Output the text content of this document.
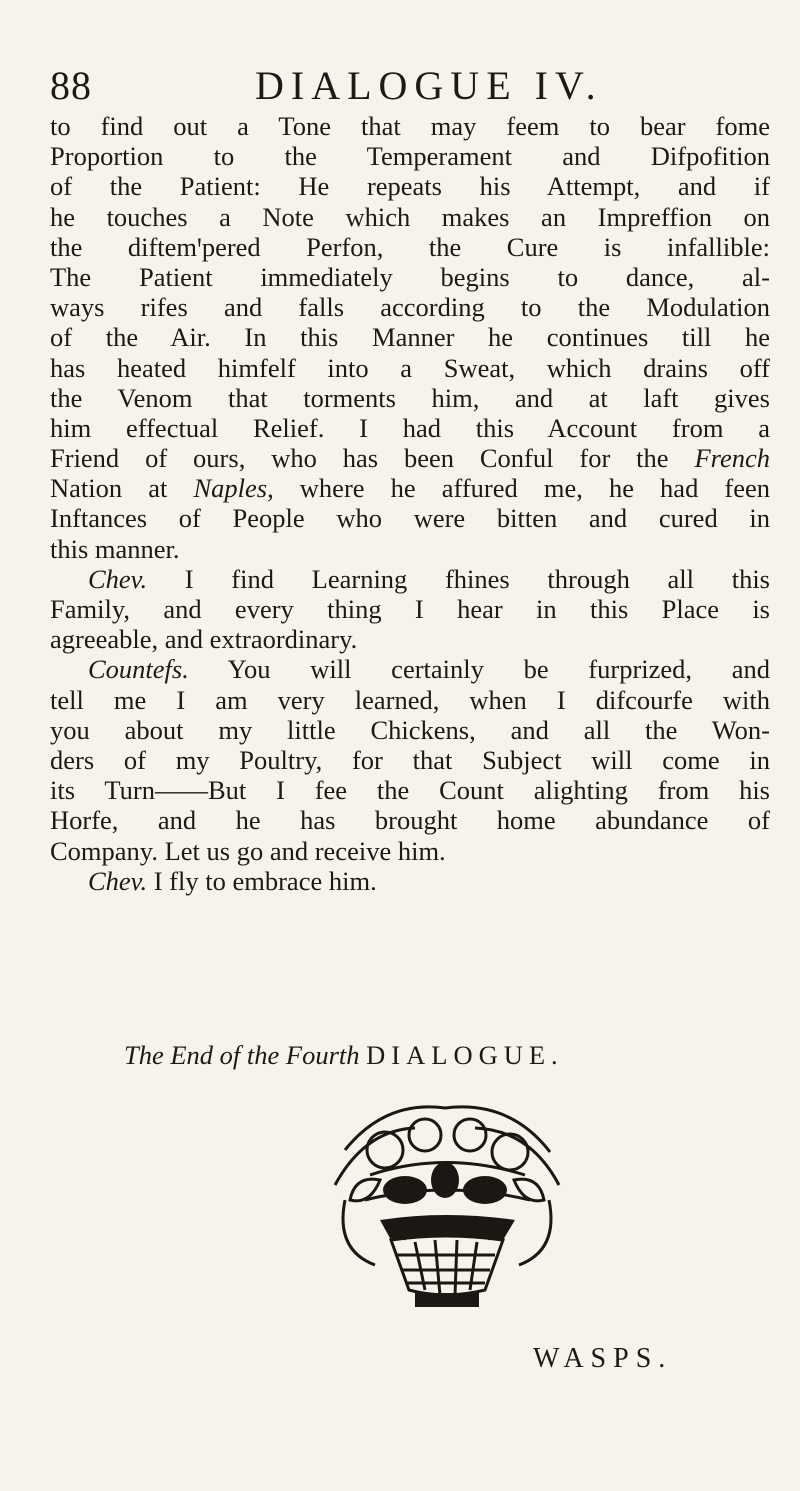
88	DIALOGUE IV.
to find out a Tone that may feem to bear fome
Proportion to the Temperament and Difpofition
of the Patient: He repeats his Attempt, and if
he touches a Note which makes an Impreffion on
the diftemꞌpered Perfon, the Cure is infallible:
The Patient immediately begins to dance, al-
ways rifes and falls according to the Modulation
of the Air. In this Manner he continues till he
has heated himfelf into a Sweat, which drains off
the Venom that torments him, and at laft gives
him effectual Relief. I had this Account from a
Friend of ours, who has been Conful for the French
Nation at Naples, where he affured me, he had feen
Inftances of People who were bitten and cured in
this manner.
Chev. I find Learning fhines through all this
Family, and every thing I hear in this Place is
agreeable, and extraordinary.
Countefs. You will certainly be furprized, and
tell me I am very learned, when I difcourfe with
you about my little Chickens, and all the Won-
ders of my Poultry, for that Subject will come in
its Turn——But I fee the Count alighting from his
Horfe, and he has brought home abundance of
Company. Let us go and receive him.
Chev. I fly to embrace him.
The End of the Fourth DIALOGUE.
WASPS.
